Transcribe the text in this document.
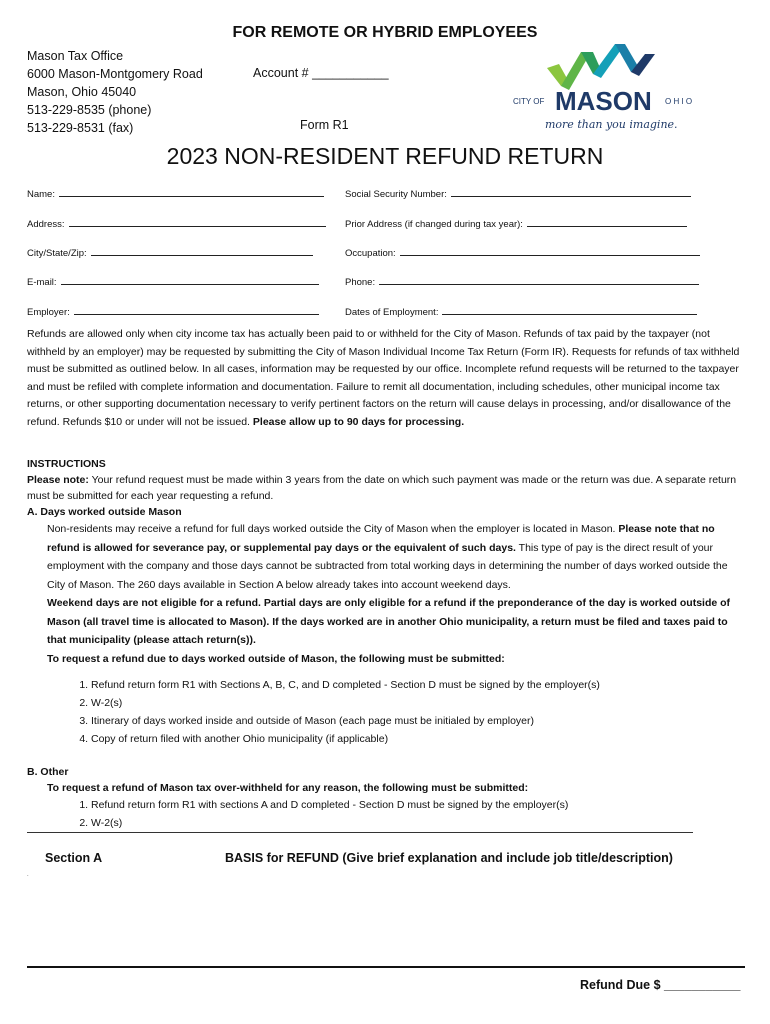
FOR REMOTE OR HYBRID EMPLOYEES
Mason Tax Office
6000 Mason-Montgomery Road
Mason, Ohio 45040
513-229-8535 (phone)
513-229-8531 (fax)
Account # ___________
Form R1
CITY OF MASON O H I O
more than you imagine.
2023 NON-RESIDENT REFUND RETURN
Name:	Social Security Number:
Address:	Prior Address (if changed during tax year):
City/State/Zip:	Occupation:
E-mail:	Phone:
Employer:	Dates of Employment:

Refunds are allowed only when city income tax has actually been paid to or withheld for the City of Mason. Refunds of tax paid by the taxpayer (not withheld by an employer) may be requested by submitting the City of Mason Individual Income Tax Return (Form IR). Requests for refunds of tax withheld must be submitted as outlined below. In all cases, information may be requested by our office. Incomplete refund requests will be returned to the taxpayer and must be refiled with complete information and documentation. Failure to remit all documentation, including schedules, other municipal income tax returns, or other supporting documentation necessary to verify pertinent factors on the return will cause delays in processing, and/or disallowance of the refund. Refunds $10 or under will not be issued. Please allow up to 90 days for processing.

INSTRUCTIONS

Please note: Your refund request must be made within 3 years from the date on which such payment was made or the return was due. A separate return must be submitted for each year requesting a refund.

A. Days worked outside Mason

Non-residents may receive a refund for full days worked outside the City of Mason when the employer is located in Mason. Please note that no refund is allowed for severance pay, or supplemental pay days or the equivalent of such days. This type of pay is the direct result of your employment with the company and those days cannot be subtracted from total working days in determining the number of days worked outside the City of Mason. The 260 days available in Section A below already takes into account weekend days.

Weekend days are not eligible for a refund. Partial days are only eligible for a refund if the preponderance of the day is worked outside of Mason (all travel time is allocated to Mason). If the days worked are in another Ohio municipality, a return must be filed and taxes paid to that municipality (please attach return(s)).

To request a refund due to days worked outside of Mason, the following must be submitted:

1. Refund return form R1 with Sections A, B, C, and D completed - Section D must be signed by the employer(s)
2. W-2(s)
3. Itinerary of days worked inside and outside of Mason (each page must be initialed by employer)
4. Copy of return filed with another Ohio municipality (if applicable)

B. Other

To request a refund of Mason tax over-withheld for any reason, the following must be submitted:

1. Refund return form R1 with sections A and D completed - Section D must be signed by the employer(s)
2. W-2(s)
Section A	BASIS for REFUND (Give brief explanation and include job title/description)
.
Refund Due $ ___________
